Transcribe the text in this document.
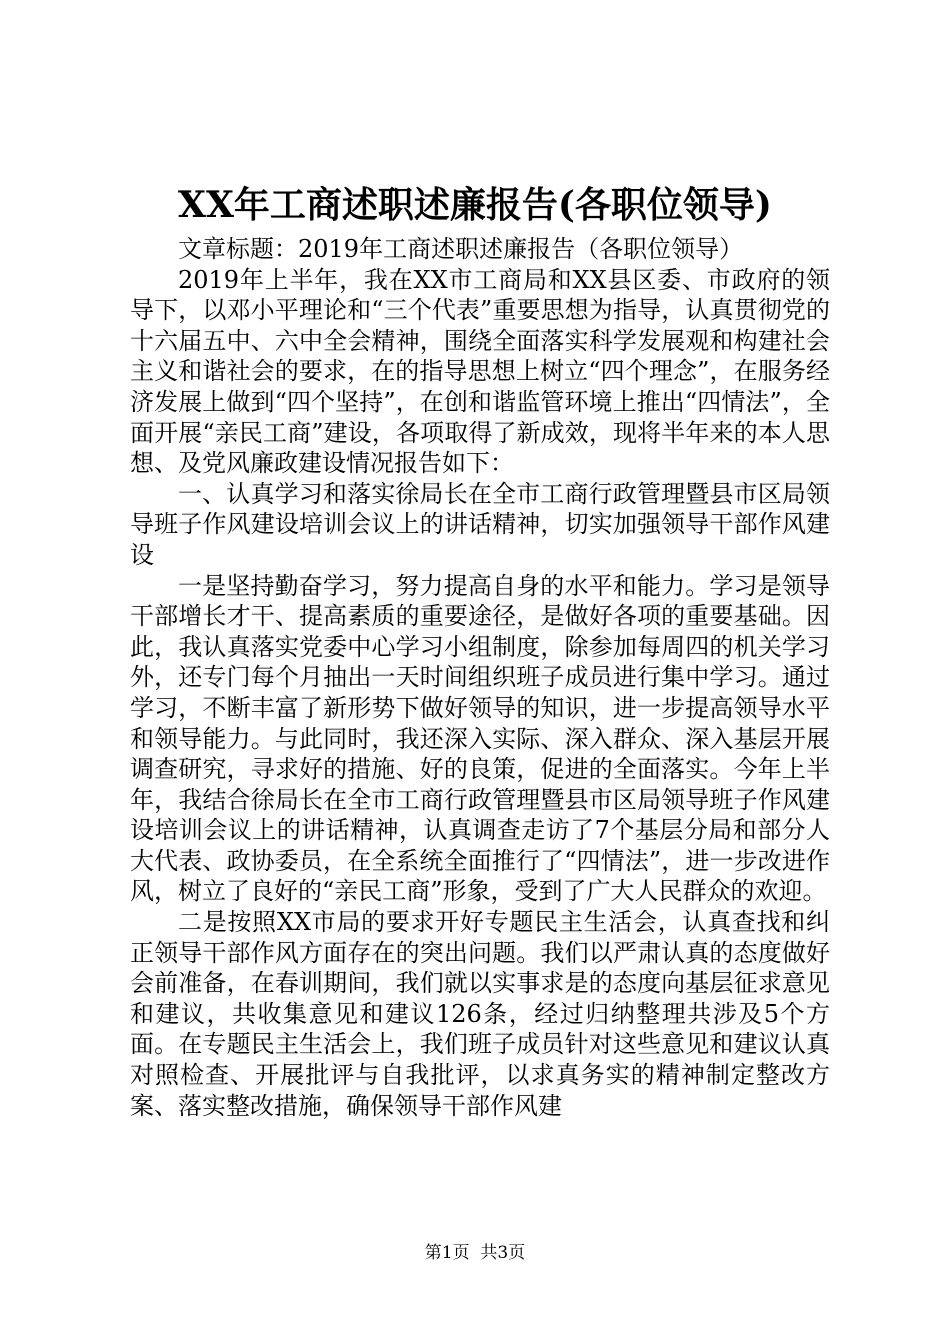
XX年工商述职述廉报告(各职位领导)

文章标题：2019年工商述职述廉报告（各职位领导）

2019年上半年，我在XX市工商局和XX县区委、市政府的领导下，以邓小平理论和“三个代表”重要思想为指导，认真贯彻党的十六届五中、六中全会精神，围绕全面落实科学发展观和构建社会主义和谐社会的要求，在的指导思想上树立“四个理念”，在服务经济发展上做到“四个坚持”，在创和谐监管环境上推出“四情法”，全面开展“亲民工商”建设，各项取得了新成效，现将半年来的本人思想、及党风廉政建设情况报告如下：

一、认真学习和落实徐局长在全市工商行政管理暨县市区局领导班子作风建设培训会议上的讲话精神，切实加强领导干部作风建设

一是坚持勤奋学习，努力提高自身的水平和能力。学习是领导干部增长才干、提高素质的重要途径，是做好各项的重要基础。因此，我认真落实党委中心学习小组制度，除参加每周四的机关学习外，还专门每个月抽出一天时间组织班子成员进行集中学习。通过学习，不断丰富了新形势下做好领导的知识，进一步提高领导水平和领导能力。与此同时，我还深入实际、深入群众、深入基层开展调查研究，寻求好的措施、好的良策，促进的全面落实。今年上半年，我结合徐局长在全市工商行政管理暨县市区局领导班子作风建设培训会议上的讲话精神，认真调查走访了7个基层分局和部分人大代表、政协委员，在全系统全面推行了“四情法”，进一步改进作风，树立了良好的“亲民工商”形象，受到了广大人民群众的欢迎。

二是按照XX市局的要求开好专题民主生活会，认真查找和纠正领导干部作风方面存在的突出问题。我们以严肃认真的态度做好会前准备，在春训期间，我们就以实事求是的态度向基层征求意见和建议，共收集意见和建议126条，经过归纳整理共涉及5个方面。在专题民主生活会上，我们班子成员针对这些意见和建议认真对照检查、开展批评与自我批评，以求真务实的精神制定整改方案、落实整改措施，确保领导干部作风建

第1页 共3页
